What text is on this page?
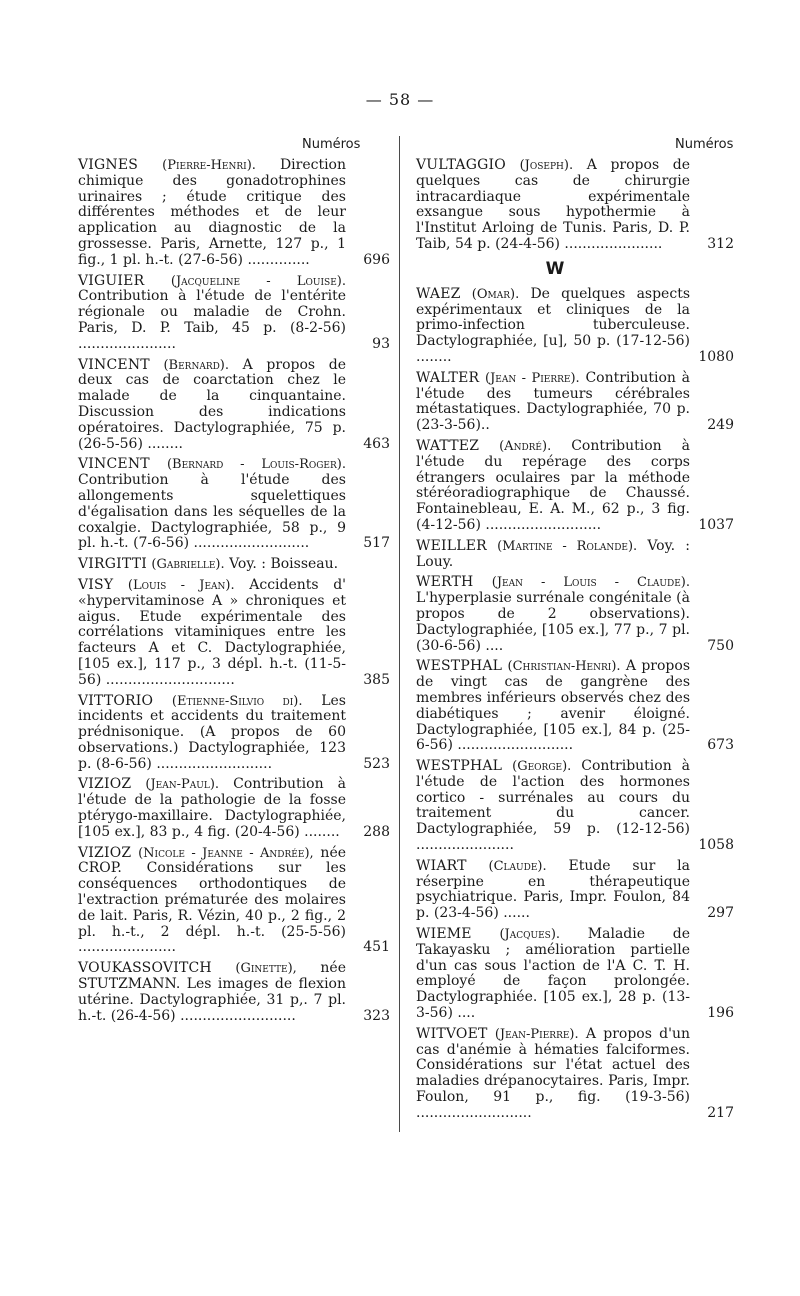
— 58 —
Numéros	Numéros
VIGNES (Pierre-Henri). Direction chimique des gonadotrophines urinaires ; étude critique des différentes méthodes et de leur application au diagnostic de la grossesse. Paris, Arnette, 127 p., 1 fig., 1 pl. h.-t. (27-6-56) ..............	696
VIGUIER (Jacqueline - Louise). Contribution à l'étude de l'entérite régionale ou maladie de Crohn. Paris, D. P. Taib, 45 p. (8-2-56) ......................	93
VINCENT (Bernard). A propos de deux cas de coarctation chez le malade de la cinquantaine. Discussion des indications opératoires. Dactylographiée, 75 p. (26-5-56) ........	463
VINCENT (Bernard - Louis-Roger). Contribution à l'étude des allongements squelettiques d'égalisation dans les séquelles de la coxalgie. Dactylographiée, 58 p., 9 pl. h.-t. (7-6-56) ..........................	517
VIRGITTI (Gabrielle). Voy. : Boisseau.
VISY (Louis - Jean). Accidents d' «hypervitaminose A » chroniques et aigus. Etude expérimentale des corrélations vitaminiques entre les facteurs A et C. Dactylographiée, [105 ex.], 117 p., 3 dépl. h.-t. (11-5-56) .............................	385
VITTORIO (Etienne-Silvio di). Les incidents et accidents du traitement prédnisonique. (A propos de 60 observations.) Dactylographiée, 123 p. (8-6-56) ..........................	523
VIZIOZ (Jean-Paul). Contribution à l'étude de la pathologie de la fosse ptérygo-maxillaire. Dactylographiée, [105 ex.], 83 p., 4 fig. (20-4-56) ........	288
VIZIOZ (Nicole - Jeanne - Andrée), née CROP. Considérations sur les conséquences orthodontiques de l'extraction prématurée des molaires de lait. Paris, R. Vézin, 40 p., 2 fig., 2 pl. h.-t., 2 dépl. h.-t. (25-5-56) ......................	451
VOUKASSOVITCH (Ginette), née STUTZMANN. Les images de flexion utérine. Dactylographiée, 31 p,. 7 pl. h.-t. (26-4-56) ..........................	323
VULTAGGIO (Joseph). A propos de quelques cas de chirurgie intracardiaque expérimentale exsangue sous hypothermie à l'Institut Arloing de Tunis. Paris, D. P. Taib, 54 p. (24-4-56) ......................	312
W
WAEZ (Omar). De quelques aspects expérimentaux et cliniques de la primo-infection tuberculeuse. Dactylographiée, [u], 50 p. (17-12-56) ........	1080
WALTER (Jean - Pierre). Contribution à l'étude des tumeurs cérébrales métastatiques. Dactylographiée, 70 p. (23-3-56)..	249
WATTEZ (André). Contribution à l'étude du repérage des corps étrangers oculaires par la méthode stéréoradiographique de Chaussé. Fontainebleau, E. A. M., 62 p., 3 fig. (4-12-56) ..........................	1037
WEILLER (Martine - Rolande). Voy. : Louy.
WERTH (Jean - Louis - Claude). L'hyperplasie surrénale congénitale (à propos de 2 observations). Dactylographiée, [105 ex.], 77 p., 7 pl. (30-6-56) ....	750
WESTPHAL (Christian-Henri). A propos de vingt cas de gangrène des membres inférieurs observés chez des diabétiques ; avenir éloigné. Dactylographiée, [105 ex.], 84 p. (25-6-56) ..........................	673
WESTPHAL (George). Contribution à l'étude de l'action des hormones cortico - surrénales au cours du traitement du cancer. Dactylographiée, 59 p. (12-12-56) ......................	1058
WIART (Claude). Etude sur la réserpine en thérapeutique psychiatrique. Paris, Impr. Foulon, 84 p. (23-4-56) ......	297
WIEME (Jacques). Maladie de Takayasku ; amélioration partielle d'un cas sous l'action de l'A C. T. H. employé de façon prolongée. Dactylographiée. [105 ex.], 28 p. (13-3-56) ....	196
WITVOET (Jean-Pierre). A propos d'un cas d'anémie à hématies falciformes. Considérations sur l'état actuel des maladies drépanocytaires. Paris, Impr. Foulon, 91 p., fig. (19-3-56) ..........................	217
